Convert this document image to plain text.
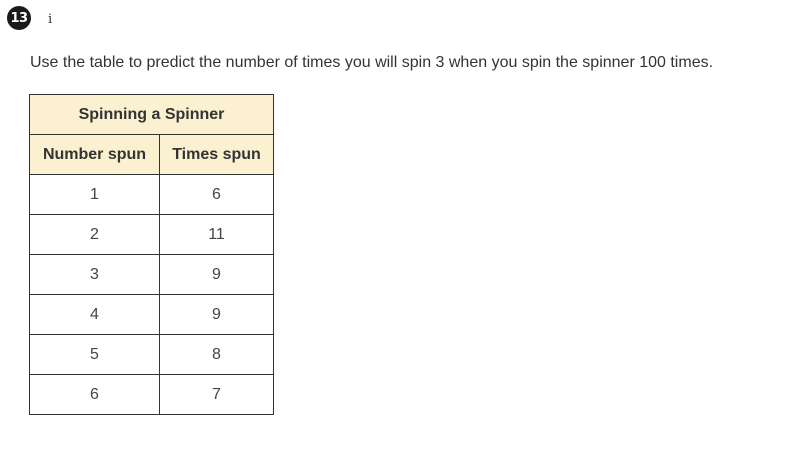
13 i
Use the table to predict the number of times you will spin 3 when you spin the spinner 100 times.
Spinning a Spinner	
Number spun	Times spun
1	6
2	11
3	9
4	9
5	8
6	7
